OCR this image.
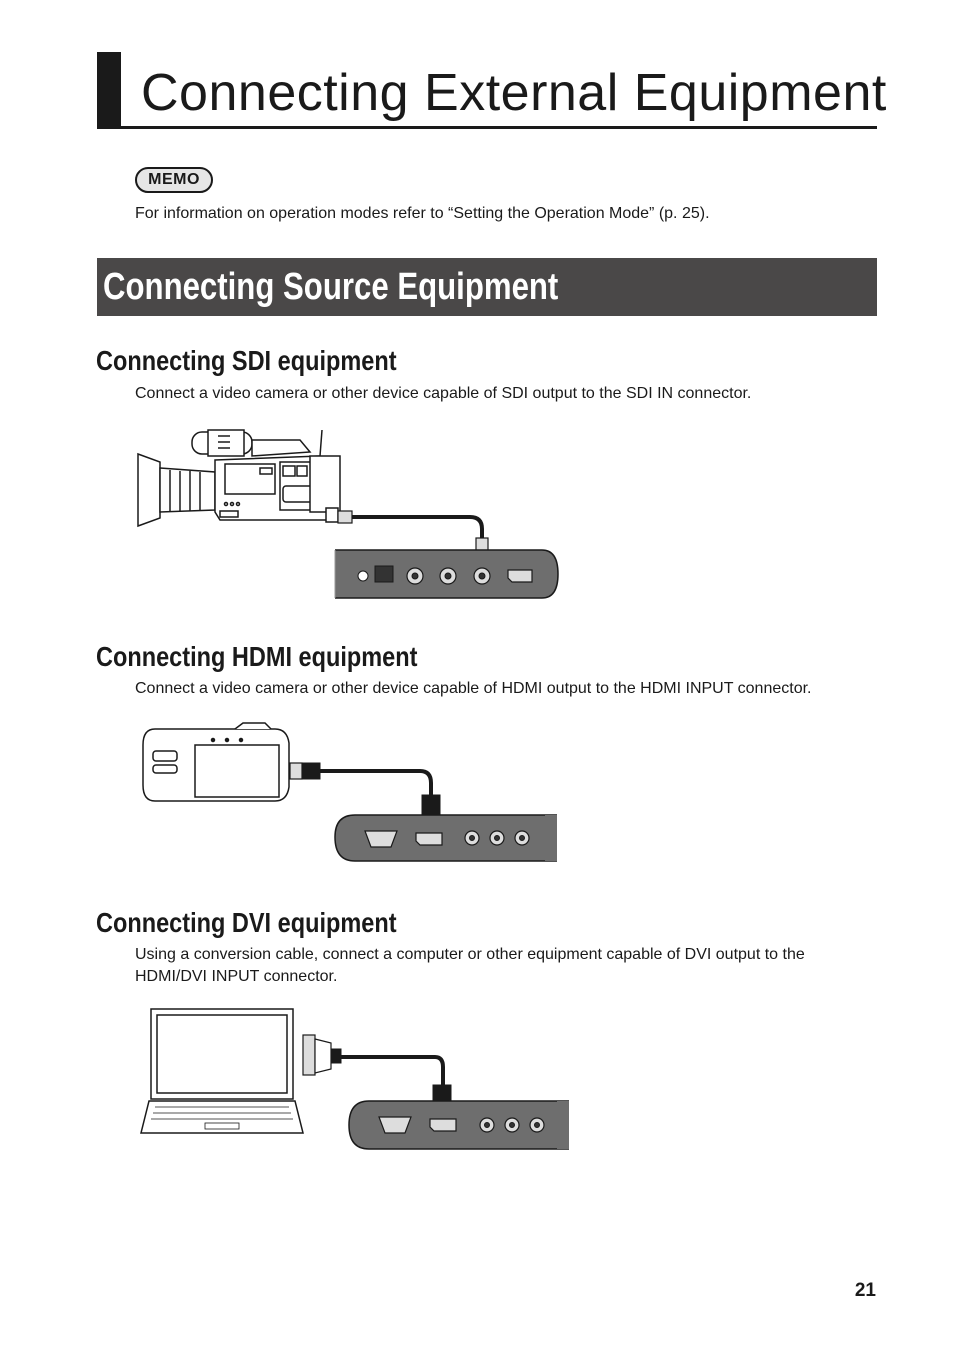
Connecting External Equipment
MEMO
For information on operation modes refer to “Setting the Operation Mode” (p. 25).
Connecting Source Equipment
Connecting SDI equipment
Connect a video camera or other device capable of SDI output to the SDI IN connector.
Connecting HDMI equipment
Connect a video camera or other device capable of HDMI output to the HDMI INPUT connector.
Connecting DVI equipment
Using a conversion cable, connect a computer or other equipment capable of DVI output to the HDMI/DVI INPUT connector.
21
